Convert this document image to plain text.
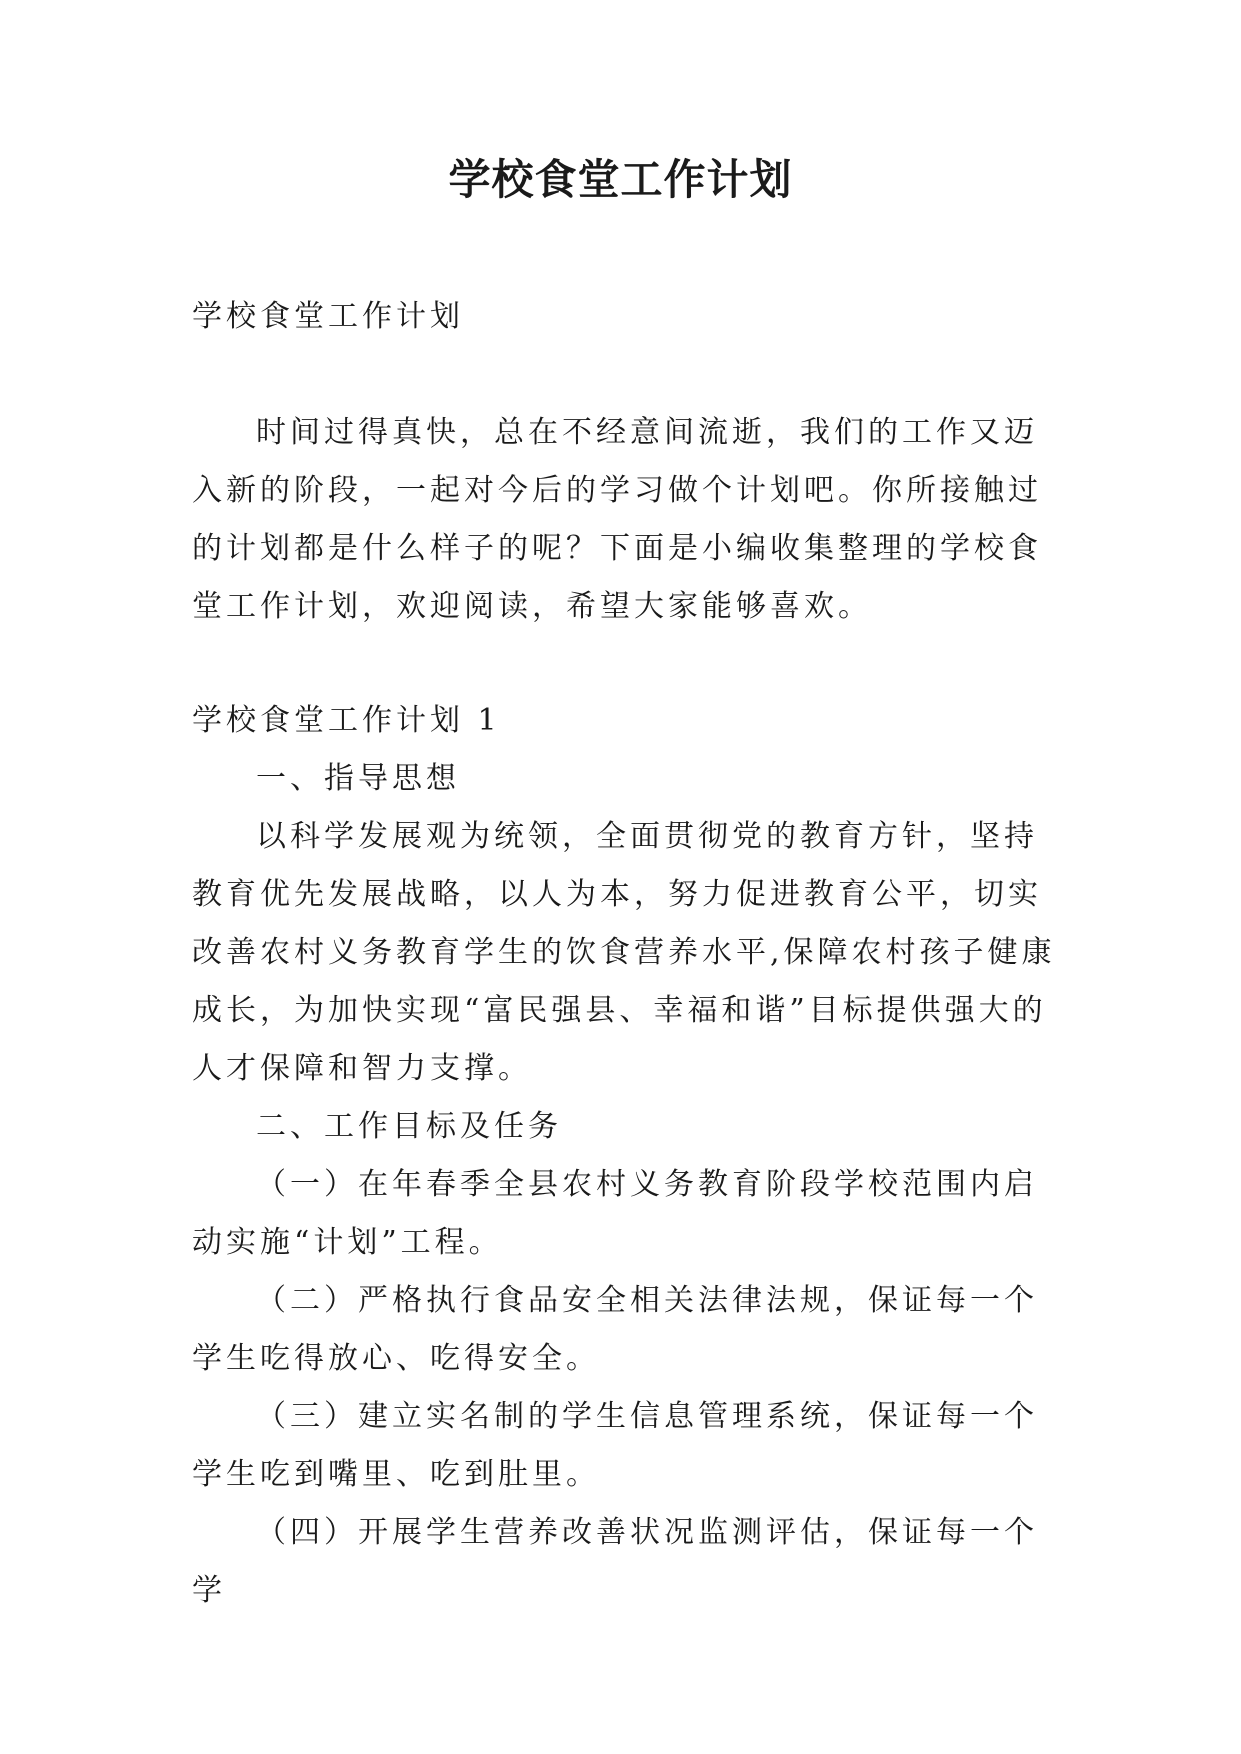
学校食堂工作计划

学校食堂工作计划

时间过得真快，总在不经意间流逝，我们的工作又迈入新的阶段，一起对今后的学习做个计划吧。你所接触过的计划都是什么样子的呢？下面是小编收集整理的学校食堂工作计划，欢迎阅读，希望大家能够喜欢。

学校食堂工作计划 1

一、指导思想

以科学发展观为统领，全面贯彻党的教育方针，坚持教育优先发展战略，以人为本，努力促进教育公平，切实改善农村义务教育学生的饮食营养水平,保障农村孩子健康成长，为加快实现“富民强县、幸福和谐”目标提供强大的人才保障和智力支撑。

二、工作目标及任务

（一）在年春季全县农村义务教育阶段学校范围内启动实施“计划”工程。

（二）严格执行食品安全相关法律法规，保证每一个学生吃得放心、吃得安全。

（三）建立实名制的学生信息管理系统，保证每一个学生吃到嘴里、吃到肚里。

（四）开展学生营养改善状况监测评估，保证每一个学
